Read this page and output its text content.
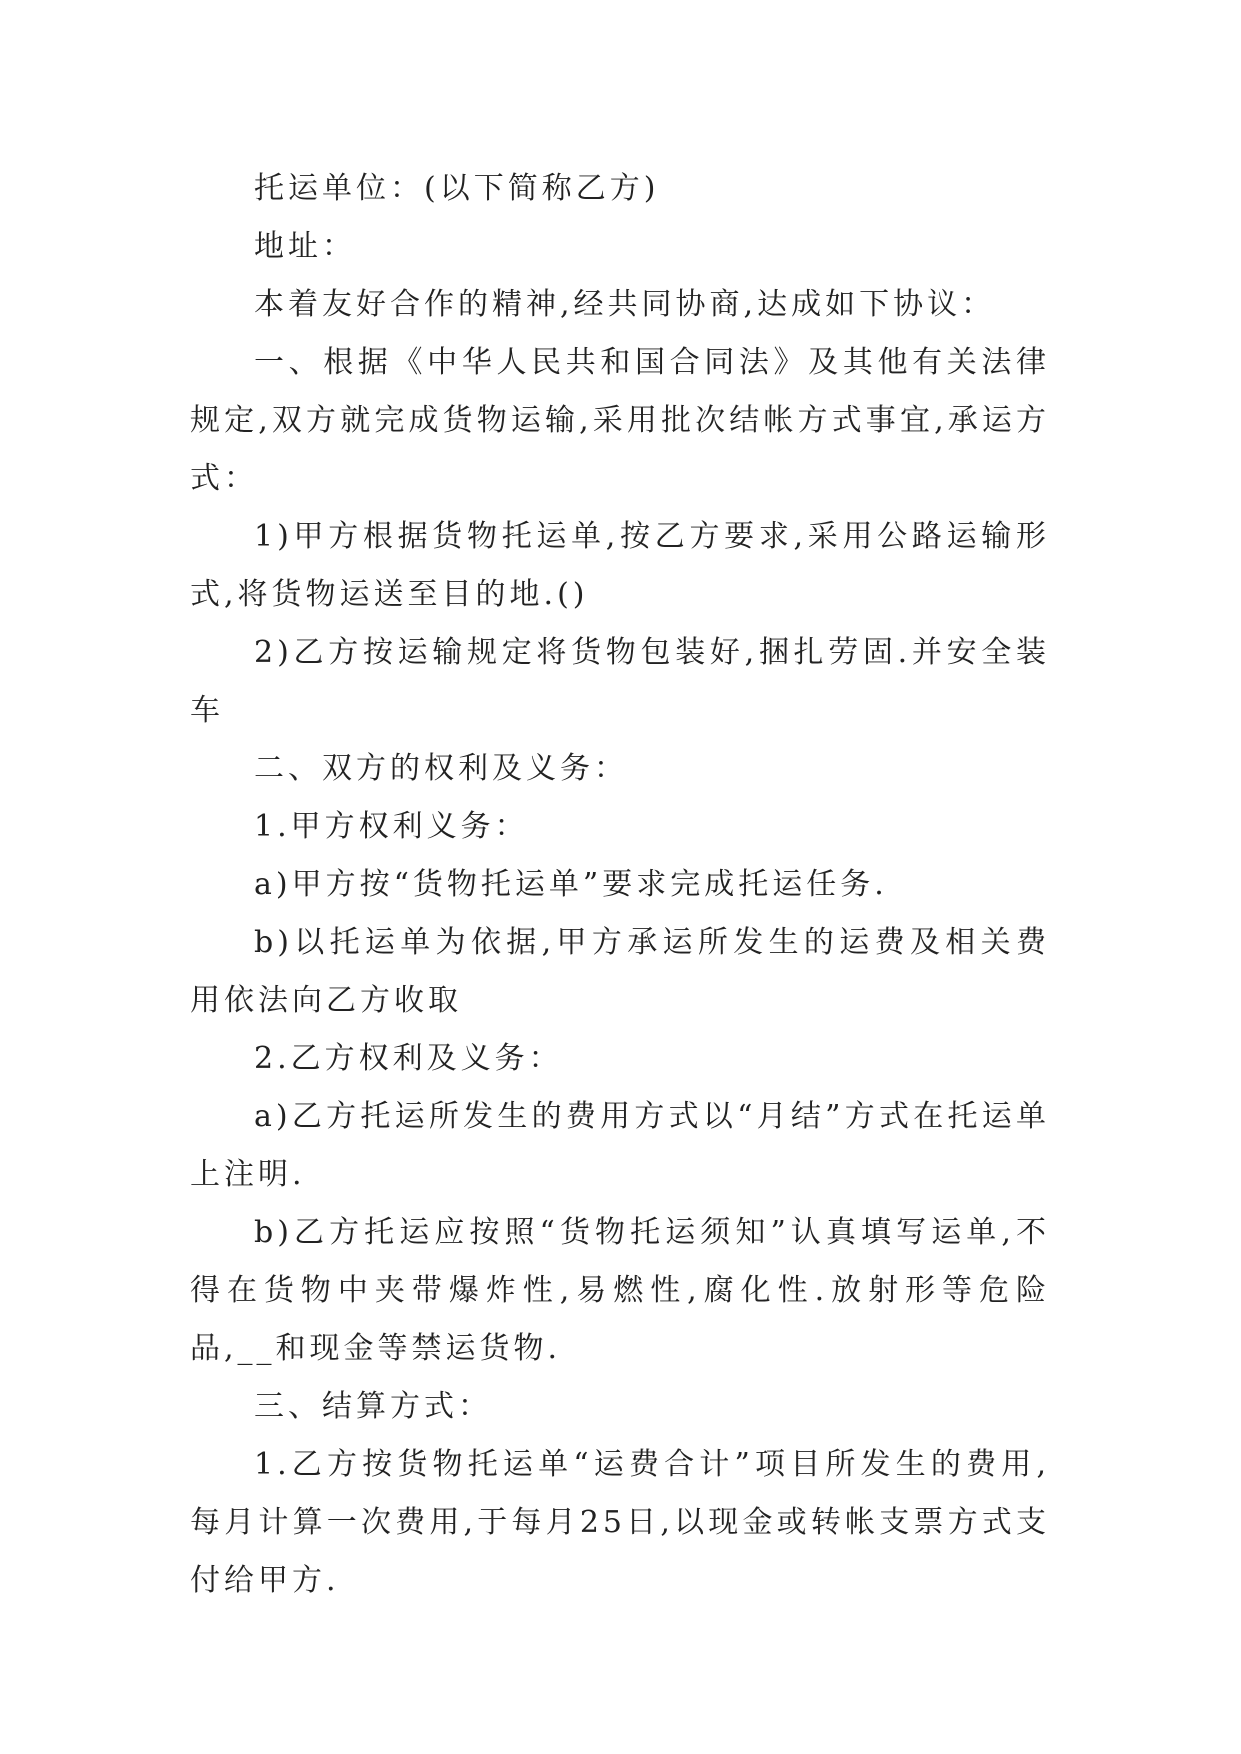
托运单位：(以下简称乙方)

地址：

本着友好合作的精神,经共同协商,达成如下协议：

一、根据《中华人民共和国合同法》及其他有关法律规定,双方就完成货物运输,采用批次结帐方式事宜,承运方式：

1)甲方根据货物托运单,按乙方要求,采用公路运输形式,将货物运送至目的地.()

2)乙方按运输规定将货物包装好,捆扎劳固.并安全装车

二、双方的权利及义务：

1.甲方权利义务：

a)甲方按“货物托运单”要求完成托运任务.

b)以托运单为依据,甲方承运所发生的运费及相关费用依法向乙方收取

2.乙方权利及义务：

a)乙方托运所发生的费用方式以“月结”方式在托运单上注明.

b)乙方托运应按照“货物托运须知”认真填写运单,不得在货物中夹带爆炸性,易燃性,腐化性.放射形等危险品,__和现金等禁运货物.

三、结算方式：

1.乙方按货物托运单“运费合计”项目所发生的费用,每月计算一次费用,于每月25日,以现金或转帐支票方式支付给甲方.
